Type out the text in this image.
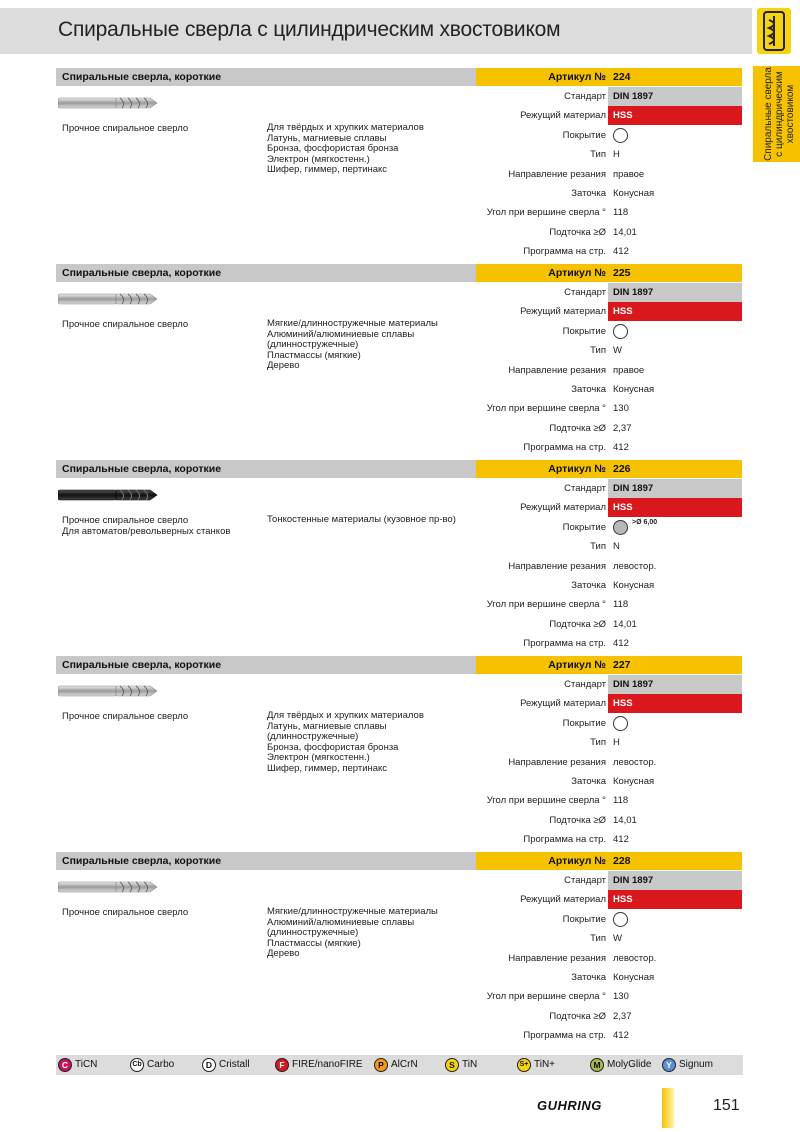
Спиральные сверла с цилиндрическим хвостовиком
Спиральные сверла с цилиндрическим хвостовиком
Спиральные сверла, короткие	Артикул № 224
Прочное спиральное сверло	Для твёрдых и хрупких материалов
Латунь, магниевые сплавы
Бронза, фосфористая бронза
Электрон (мягкостенн.)
Шифер, гиммер, пертинакс
Стандарт DIN 1897
Режущий материал HSS
Покрытие
Тип H
Направление резания правое
Заточка Конусная
Угол при вершине сверла ° 118
Подточка ≥Ø 14,01
Программа на стр. 412
Спиральные сверла, короткие	Артикул № 225
Прочное спиральное сверло	Мягкие/длинностружечные материалы
Алюминий/алюминиевые сплавы
(длинностружечные)
Пластмассы (мягкие)
Дерево
Стандарт DIN 1897
Режущий материал HSS
Покрытие
Тип W
Направление резания правое
Заточка Конусная
Угол при вершине сверла ° 130
Подточка ≥Ø 2,37
Программа на стр. 412
Спиральные сверла, короткие	Артикул № 226
Прочное спиральное сверло
Для автоматов/револьверных станков
Тонкостенные материалы (кузовное пр-во)
Стандарт DIN 1897
Режущий материал HSS
Покрытие	>Ø 6,00
Тип N
Направление резания левостор.
Заточка Конусная
Угол при вершине сверла ° 118
Подточка ≥Ø 14,01
Программа на стр. 412
Спиральные сверла, короткие	Артикул № 227
Прочное спиральное сверло	Для твёрдых и хрупких материалов
Латунь, магниевые сплавы
(длинностружечные)
Бронза, фосфористая бронза
Электрон (мягкостенн.)
Шифер, гиммер, пертинакс
Стандарт DIN 1897
Режущий материал HSS
Покрытие
Тип H
Направление резания левостор.
Заточка Конусная
Угол при вершине сверла ° 118
Подточка ≥Ø 14,01
Программа на стр. 412
Спиральные сверла, короткие	Артикул № 228
Прочное спиральное сверло	Мягкие/длинностружечные материалы
Алюминий/алюминиевые сплавы
(длинностружечные)
Пластмассы (мягкие)
Дерево
Стандарт DIN 1897
Режущий материал HSS
Покрытие
Тип W
Направление резания левостор.
Заточка Конусная
Угол при вершине сверла ° 130
Подточка ≥Ø 2,37
Программа на стр. 412
C TiCN	Cb Carbo	D Cristall	F FIRE/nanoFIRE	P AlCrN	S TiN	S+ TiN+	M MolyGlide	Y Signum
GUHRING	151
